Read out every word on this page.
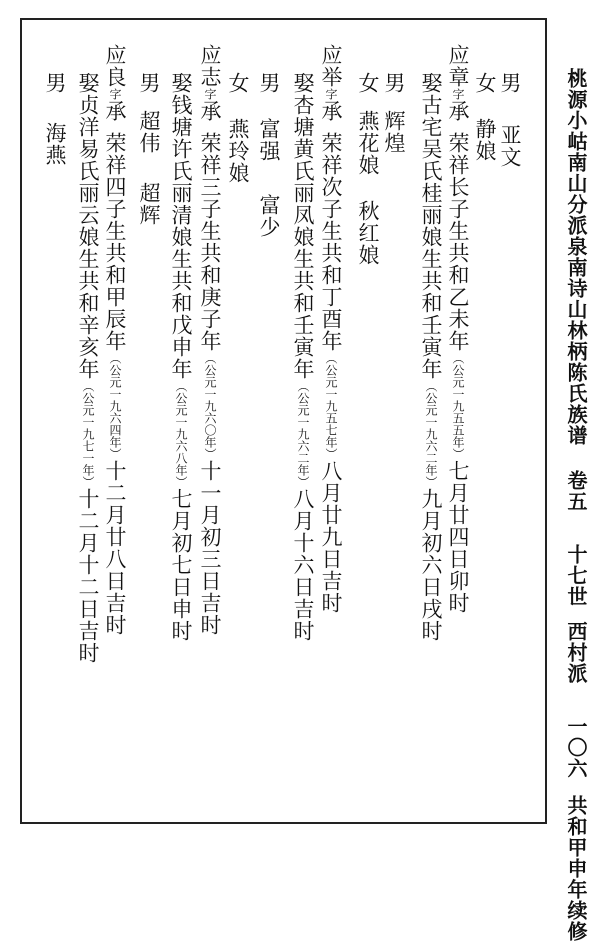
男亚文
女静娘
应章字承荣祥长子生共和乙未年（公元一九五五年）七月廿四日卯时
娶古宅吴氏桂丽娘生共和壬寅年（公元一九六二年）九月初六日戌时
男辉煌
女燕花娘秋红娘
应举字承荣祥次子生共和丁酉年（公元一九五七年）八月廿九日吉时
娶杏塘黄氏丽凤娘生共和壬寅年（公元一九六二年）八月十六日吉时
男富强富少
女燕玲娘
应志字承荣祥三子生共和庚子年（公元一九六〇年）十一月初三日吉时
娶钱塘许氏丽清娘生共和戊申年（公元一九六八年）七月初七日申时
男超伟超辉
应良字承荣祥四子生共和甲辰年（公元一九六四年）十二月廿八日吉时
娶贞洋易氏丽云娘生共和辛亥年（公元一九七一年）十二月十二日吉时
男海燕	桃源小岵南山分派泉南诗山林柄陈氏族谱卷五十七世西村派一〇六共和甲申年续修
